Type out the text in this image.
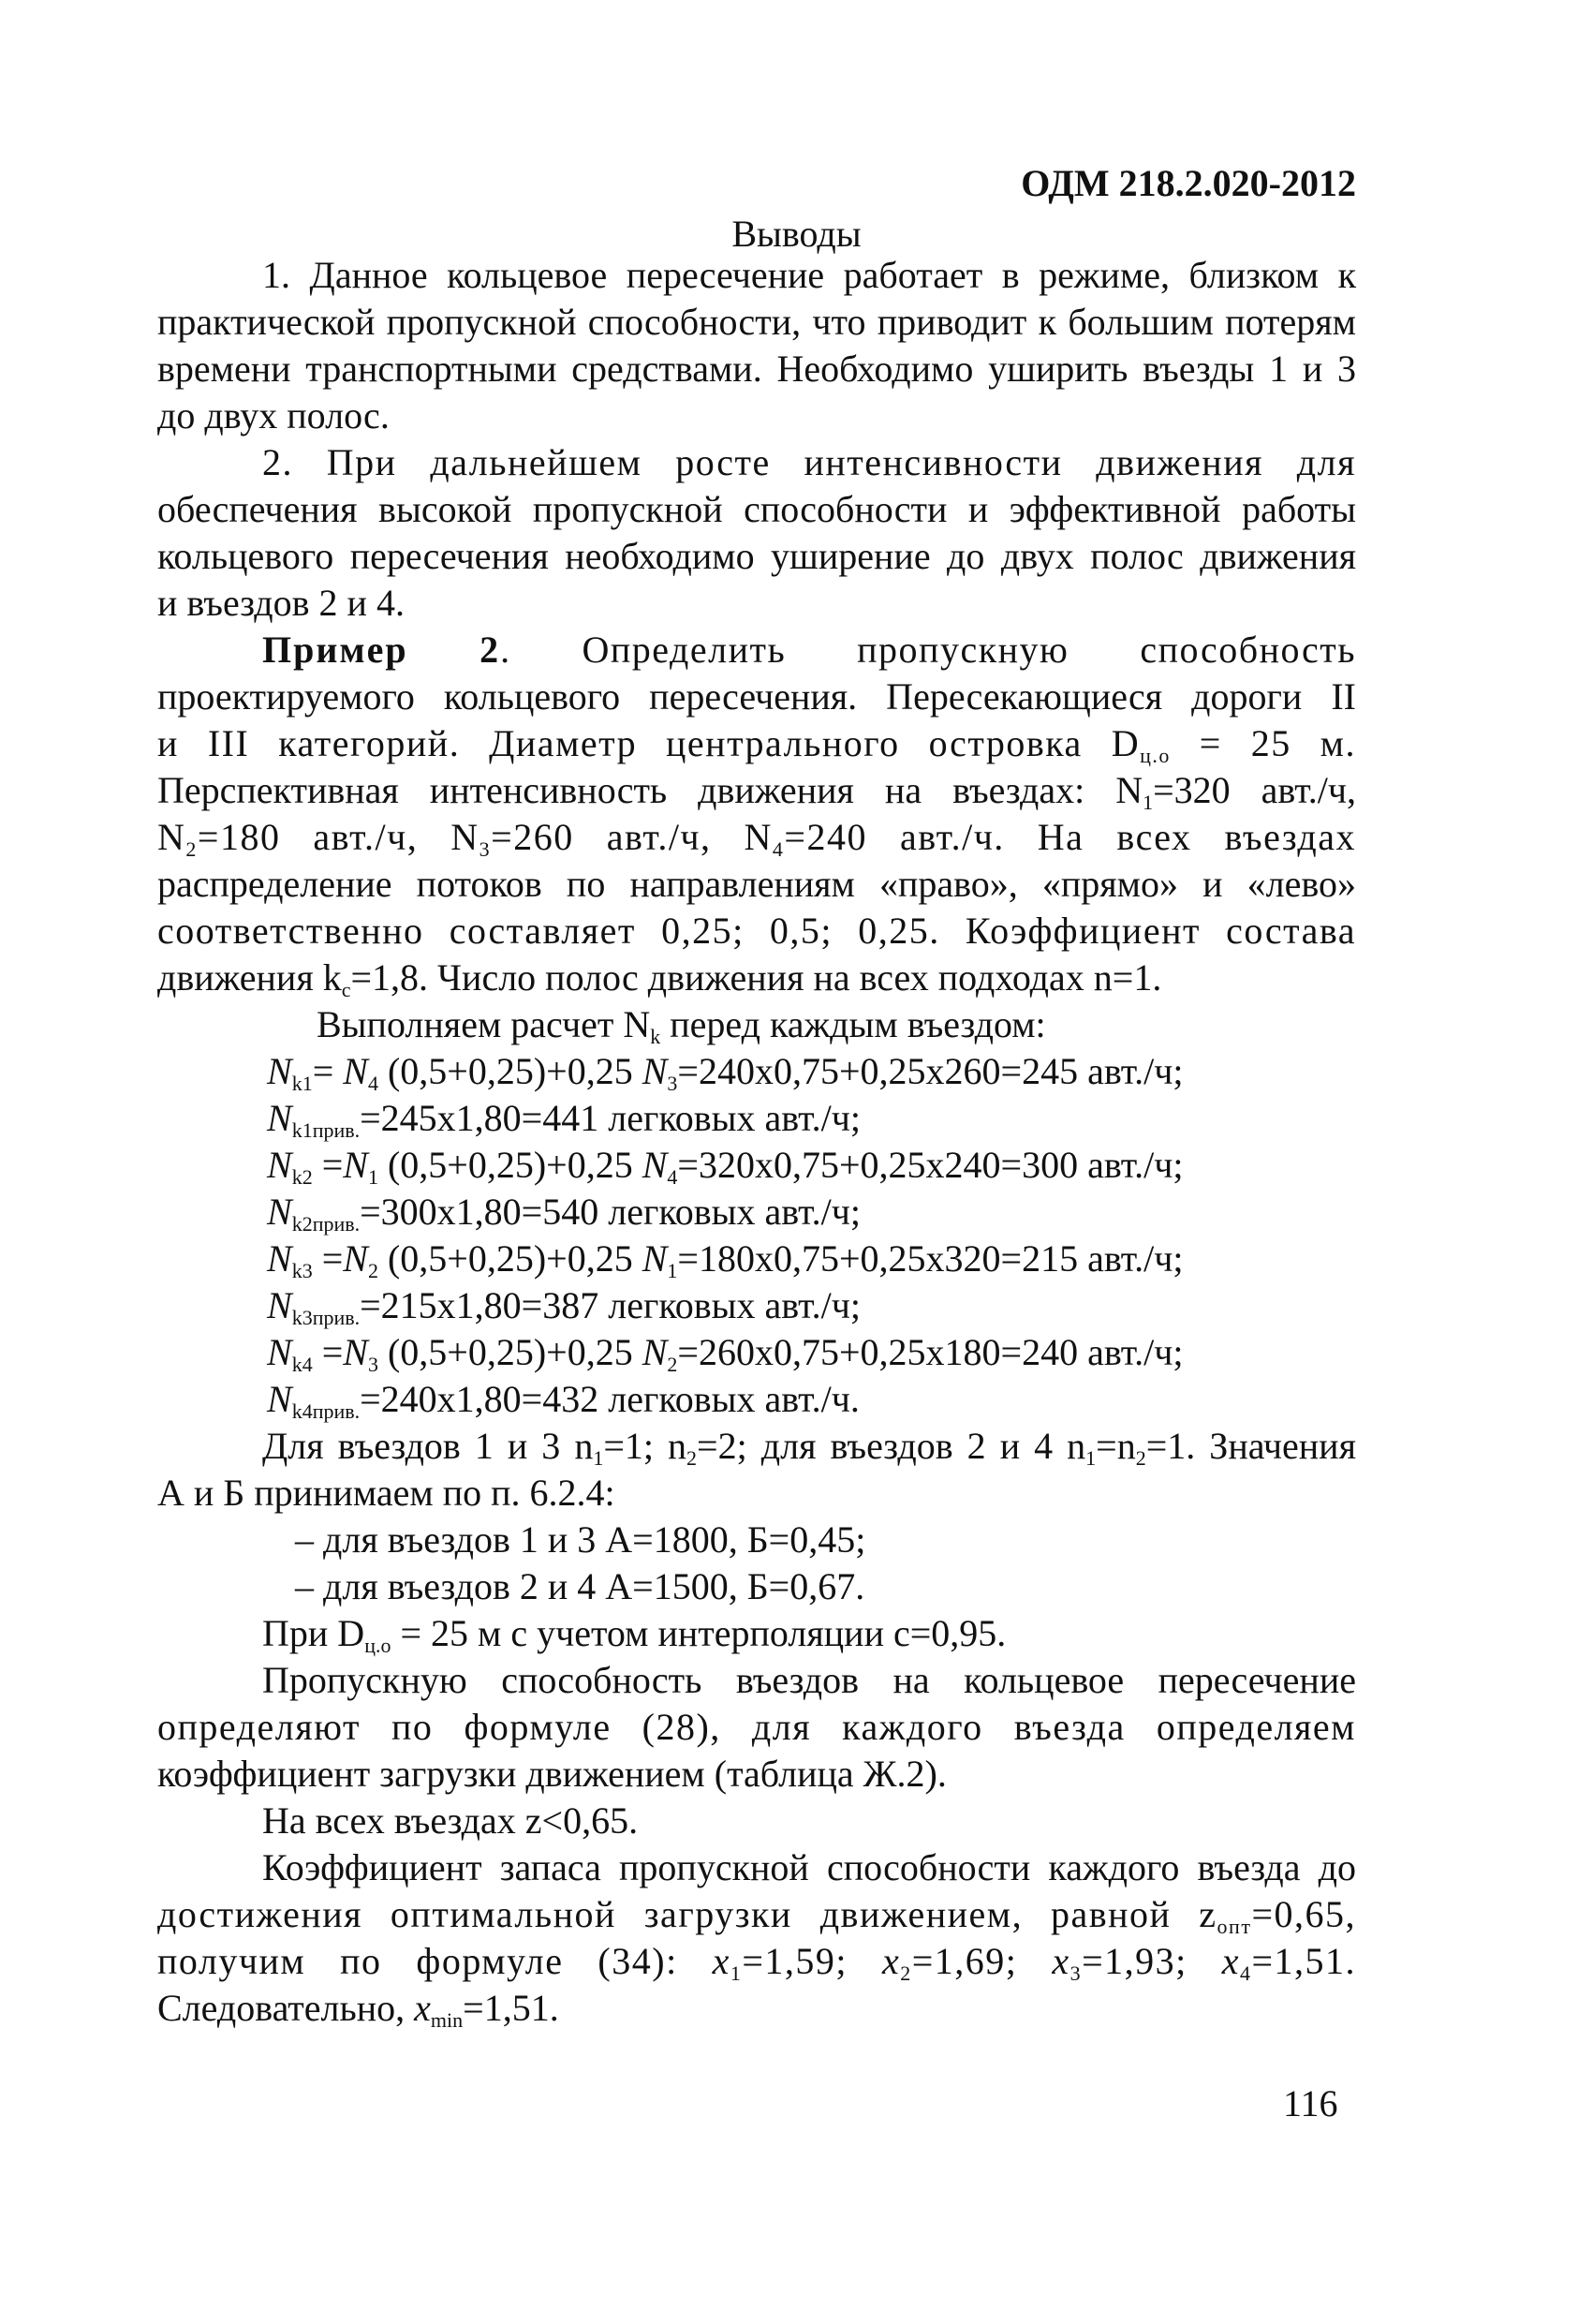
ОДМ 218.2.020-2012
Выводы
1. Данное кольцевое пересечение работает в режиме, близком к
практической пропускной способности, что приводит к большим потерям
времени транспортными средствами. Необходимо уширить въезды 1 и 3
до двух полос.
2. При дальнейшем росте интенсивности движения для
обеспечения высокой пропускной способности и эффективной работы
кольцевого пересечения необходимо уширение до двух полос движения
и въездов 2 и 4.
Пример 2. Определить пропускную способность
проектируемого кольцевого пересечения. Пересекающиеся дороги II
и III категорий. Диаметр центрального островка $D_{ц.о} = 25$ м.
Перспективная интенсивность движения на въездах: $N_1=320$ авт./ч,
$N_2=180$ авт./ч, $N_3=260$ авт./ч, $N_4=240$ авт./ч. На всех въездах
распределение потоков по направлениям «право», «прямо» и «лево»
соответственно составляет 0,25; 0,5; 0,25. Коэффициент состава
движения $k_с=1,8$. Число полос движения на всех подходах n=1.
Выполняем расчет $N_k$ перед каждым въездом:
$N_{k1}= N_4$ (0,5+0,25)+0,25 $N_3=240x0,75+0,25x260=245$ авт./ч;
$N_{k1прив.}=245x1,80=441$ легковых авт./ч;
$N_{k2} =N_1$ (0,5+0,25)+0,25 $N_4=320x0,75+0,25x240=300$ авт./ч;
$N_{k2прив.}=300x1,80=540$ легковых авт./ч;
$N_{k3} =N_2$ (0,5+0,25)+0,25 $N_1=180x0,75+0,25x320=215$ авт./ч;
$N_{k3прив.}=215x1,80=387$ легковых авт./ч;
$N_{k4} =N_3$ (0,5+0,25)+0,25 $N_2=260x0,75+0,25x180=240$ авт./ч;
$N_{k4прив.}=240x1,80=432$ легковых авт./ч.
Для въездов 1 и 3 $n_1=1$; $n_2=2$; для въездов 2 и 4 $n_1=n_2=1$. Значения
А и Б принимаем по п. 6.2.4:
– для въездов 1 и 3 А=1800, Б=0,45;
– для въездов 2 и 4 А=1500, Б=0,67.
При $D_{ц.о} = 25$ м с учетом интерполяции с=0,95.
Пропускную способность въездов на кольцевое пересечение
определяют по формуле (28), для каждого въезда определяем
коэффициент загрузки движением (таблица Ж.2).
На всех въездах z<0,65.
Коэффициент запаса пропускной способности каждого въезда до
достижения оптимальной загрузки движением, равной $z_{опт}=0,65$,
получим по формуле (34): $x_1=1,59$; $x_2=1,69$; $x_3=1,93$; $x_4=1,51$.
Следовательно, $x_{min}=1,51$.
116
